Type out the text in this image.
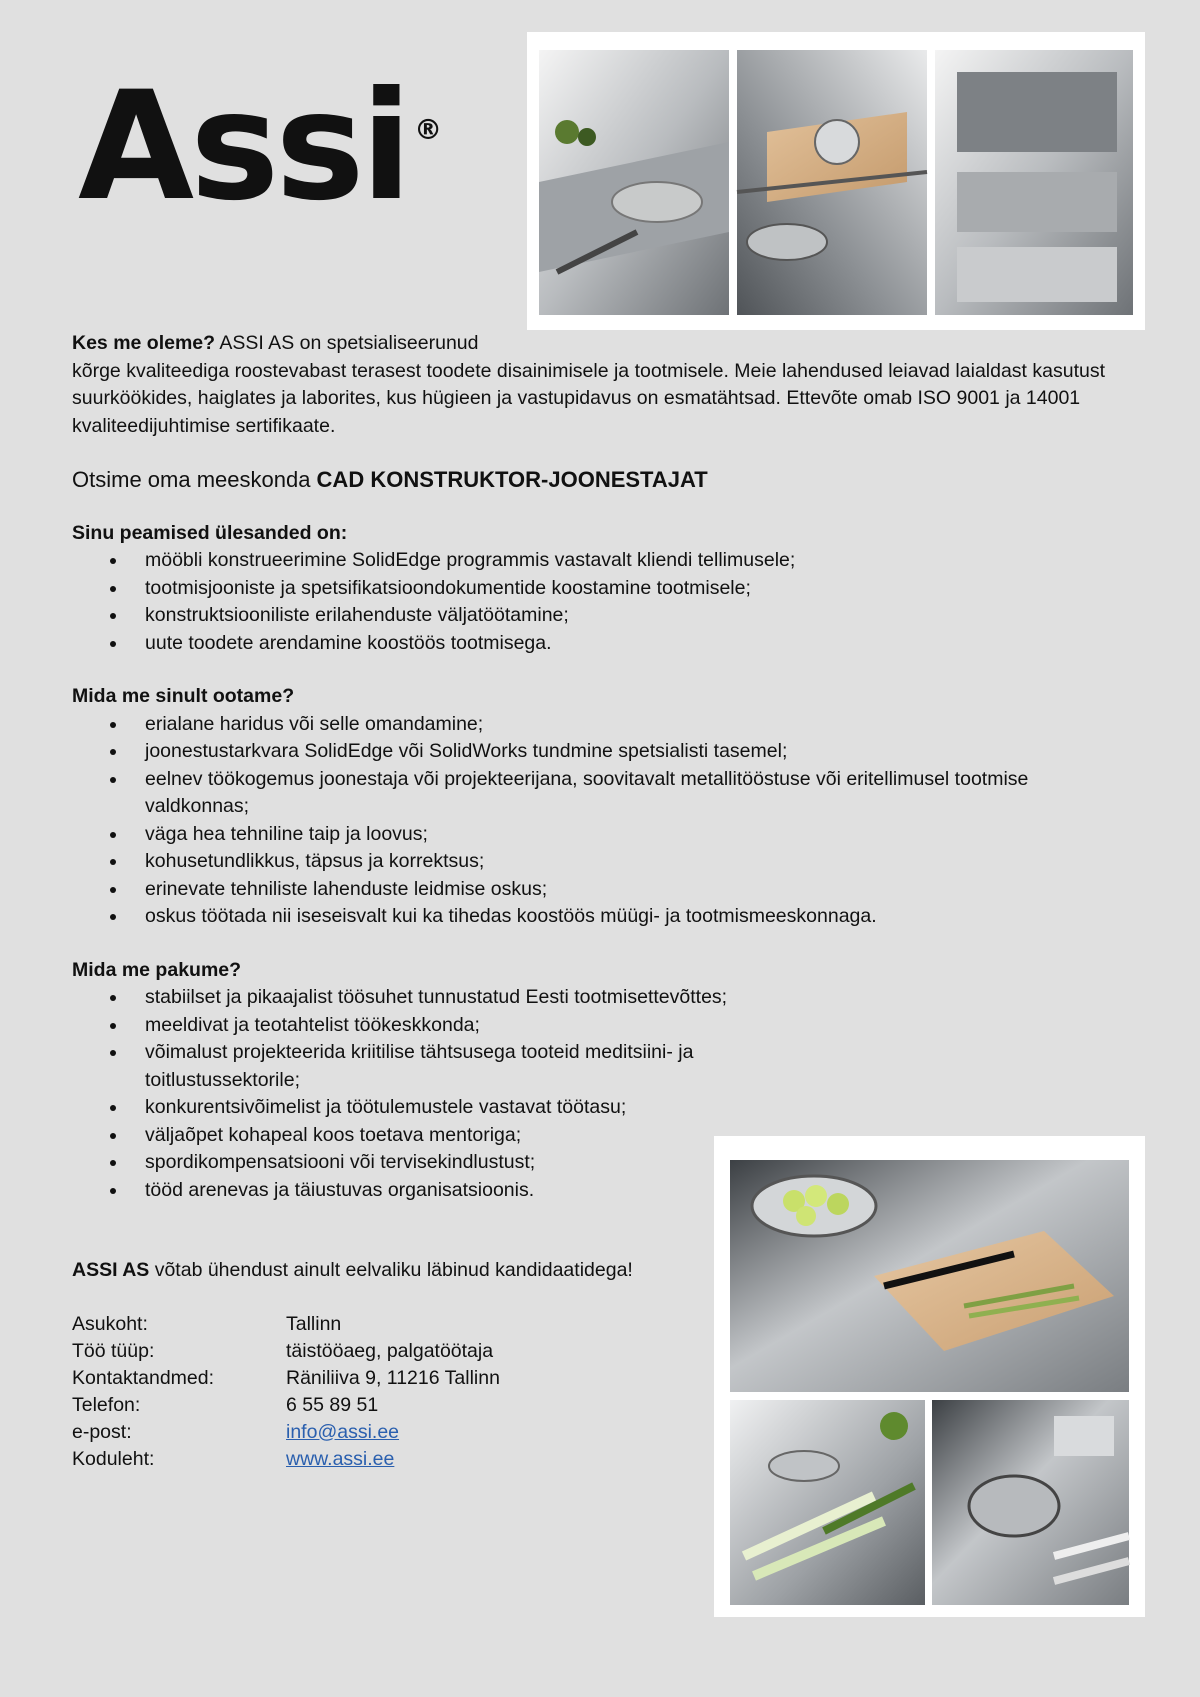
Assi ®

Kes me oleme? ASSI AS on spetsialiseerunud

kõrge kvaliteediga roostevabast terasest toodete disainimisele ja tootmisele. Meie lahendused leiavad laialdast kasutust suurköökides, haiglates ja laborites, kus hügieen ja vastupidavus on esmatähtsad. Ettevõte omab ISO 9001 ja 14001 kvaliteedijuhtimise sertifikaate.

Otsime oma meeskonda CAD KONSTRUKTOR-JOONESTAJAT

Sinu peamised ülesanded on:

mööbli konstrueerimine SolidEdge programmis vastavalt kliendi tellimusele;
tootmisjooniste ja spetsifikatsioondokumentide koostamine tootmisele;
konstruktsiooniliste erilahenduste väljatöötamine;
uute toodete arendamine koostöös tootmisega.

Mida me sinult ootame?

erialane haridus või selle omandamine;
joonestustarkvara SolidEdge või SolidWorks tundmine spetsialisti tasemel;
eelnev töökogemus joonestaja või projekteerijana, soovitavalt metallitööstuse või eritellimusel tootmise valdkonnas;
väga hea tehniline taip ja loovus;
kohusetundlikkus, täpsus ja korrektsus;
erinevate tehniliste lahenduste leidmise oskus;
oskus töötada nii iseseisvalt kui ka tihedas koostöös müügi- ja tootmismeeskonnaga.

Mida me pakume?

stabiilset ja pikaajalist töösuhet tunnustatud Eesti tootmisettevõttes;
meeldivat ja teotahtelist töökeskkonda;
võimalust projekteerida kriitilise tähtsusega tooteid meditsiini- ja toitlustussektorile;
konkurentsivõimelist ja töötulemustele vastavat töötasu;
väljaõpet kohapeal koos toetava mentoriga;
spordikompensatsiooni või tervisekindlustust;
tööd arenevas ja täiustuvas organisatsioonis.

ASSI AS võtab ühendust ainult eelvaliku läbinud kandidaatidega!

Asukoht:	Tallinn
Töö tüüp:	täistööaeg, palgatöötaja
Kontaktandmed:	Räniliiva 9, 11216 Tallinn
Telefon:	6 55 89 51
e-post:	info@assi.ee
Koduleht:	www.assi.ee
